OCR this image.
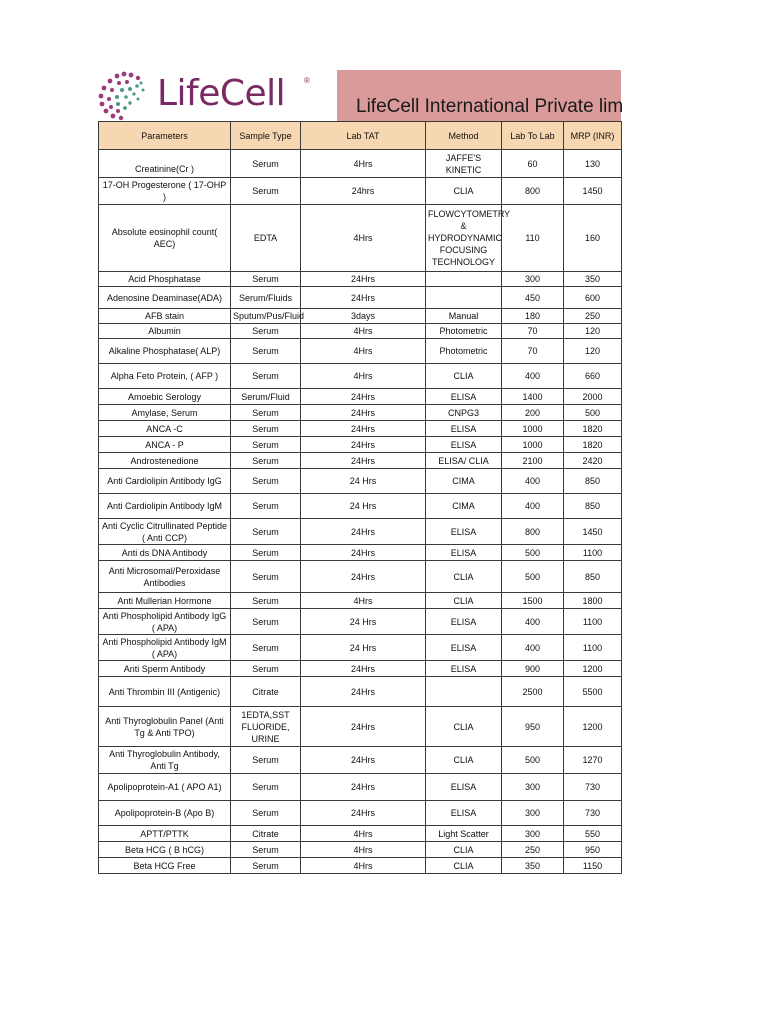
LifeCell ®
LifeCell International Private lim
Parameters	Sample Type	Lab TAT	Method	Lab To Lab	MRP (INR)
Creatinine(Cr )	Serum	4Hrs	JAFFE'S KINETIC	60	130
17-OH Progesterone ( 17-OHP )	Serum	24hrs	CLIA	800	1450
Absolute eosinophil count( AEC)	EDTA	4Hrs	FLOWCYTOMETRY & HYDRODYNAMIC FOCUSING TECHNOLOGY	110	160
Acid Phosphatase	Serum	24Hrs		300	350
Adenosine Deaminase(ADA)	Serum/Fluids	24Hrs		450	600
AFB stain	Sputum/Pus/Fluid	3days	Manual	180	250
Albumin	Serum	4Hrs	Photometric	70	120
Alkaline Phosphatase( ALP)	Serum	4Hrs	Photometric	70	120
Alpha Feto Protein, ( AFP )	Serum	4Hrs	CLIA	400	660
Amoebic Serology	Serum/Fluid	24Hrs	ELISA	1400	2000
Amylase, Serum	Serum	24Hrs	CNPG3	200	500
ANCA -C	Serum	24Hrs	ELISA	1000	1820
ANCA - P	Serum	24Hrs	ELISA	1000	1820
Androstenedione	Serum	24Hrs	ELISA/ CLIA	2100	2420
Anti Cardiolipin Antibody IgG	Serum	24 Hrs	CIMA	400	850
Anti Cardiolipin Antibody IgM	Serum	24 Hrs	CIMA	400	850
Anti Cyclic Citrullinated Peptide ( Anti CCP)	Serum	24Hrs	ELISA	800	1450
Anti ds DNA Antibody	Serum	24Hrs	ELISA	500	1100
Anti Microsomal/Peroxidase Antibodies	Serum	24Hrs	CLIA	500	850
Anti Mullerian Hormone	Serum	4Hrs	CLIA	1500	1800
Anti Phospholipid Antibody IgG ( APA)	Serum	24 Hrs	ELISA	400	1100
Anti Phospholipid Antibody IgM ( APA)	Serum	24 Hrs	ELISA	400	1100
Anti Sperm Antibody	Serum	24Hrs	ELISA	900	1200
Anti Thrombin III (Antigenic)	Citrate	24Hrs		2500	5500
Anti Thyroglobulin Panel (Anti Tg & Anti TPO)	1EDTA,SST FLUORIDE, URINE	24Hrs	CLIA	950	1200
Anti Thyroglobulin Antibody, Anti Tg	Serum	24Hrs	CLIA	500	1270
Apolipoprotein-A1 ( APO A1)	Serum	24Hrs	ELISA	300	730
Apolipoprotein-B (Apo B)	Serum	24Hrs	ELISA	300	730
APTT/PTTK	Citrate	4Hrs	Light Scatter	300	550
Beta HCG ( B hCG)	Serum	4Hrs	CLIA	250	950
Beta HCG Free	Serum	4Hrs	CLIA	350	1150
